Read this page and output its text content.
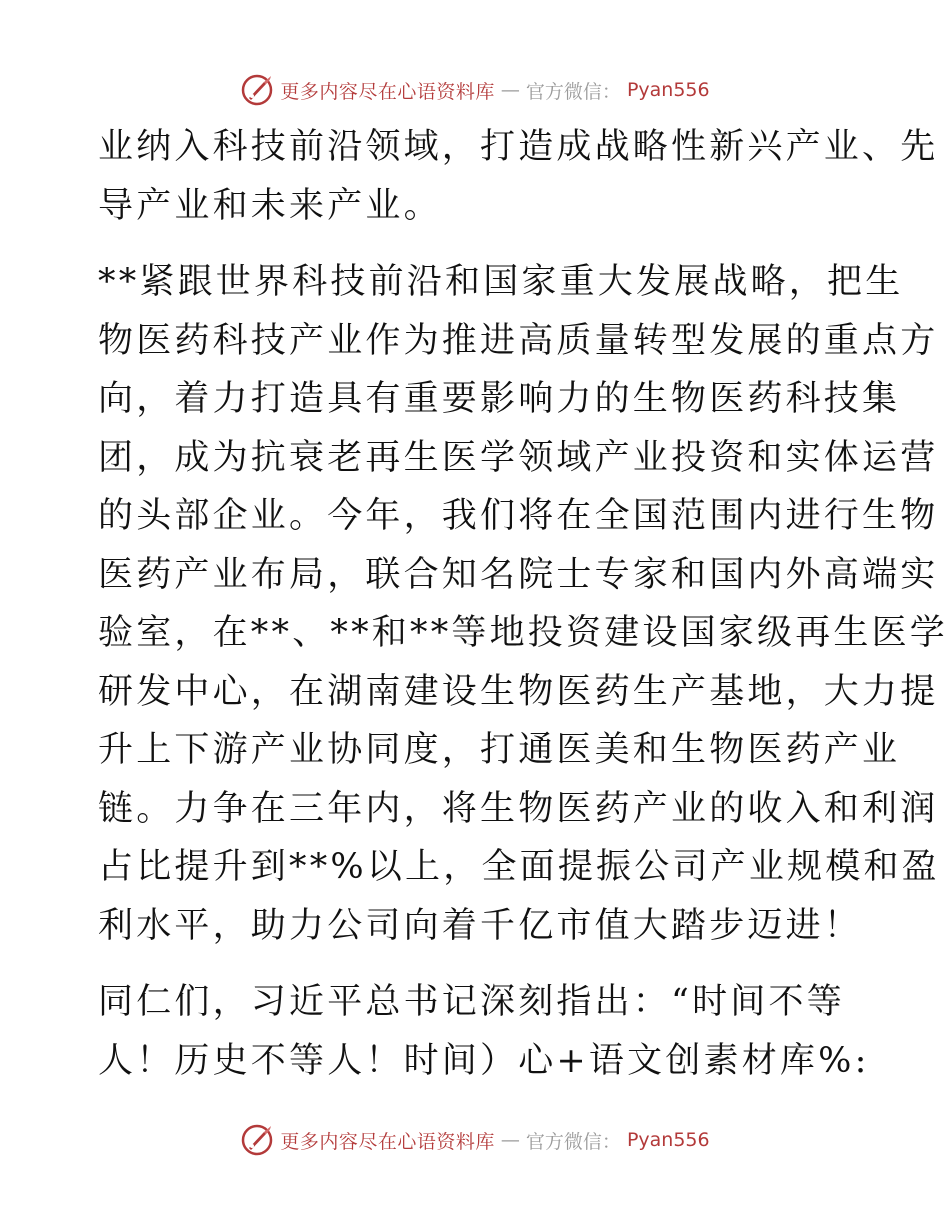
更多内容尽在心语资料库 — 官方微信： Pyan556
业纳入科技前沿领域，打造成战略性新兴产业、先
导产业和未来产业。
**紧跟世界科技前沿和国家重大发展战略，把生
物医药科技产业作为推进高质量转型发展的重点方
向，着力打造具有重要影响力的生物医药科技集
团，成为抗衰老再生医学领域产业投资和实体运营
的头部企业。今年，我们将在全国范围内进行生物
医药产业布局，联合知名院士专家和国内外高端实
验室，在**、**和**等地投资建设国家级再生医学
研发中心，在湖南建设生物医药生产基地，大力提
升上下游产业协同度，打通医美和生物医药产业
链。力争在三年内，将生物医药产业的收入和利润
占比提升到**%以上，全面提振公司产业规模和盈
利水平，助力公司向着千亿市值大踏步迈进！
同仁们，习近平总书记深刻指出：“时间不等
人！历史不等人！时间）心+语文创素材库%:
更多内容尽在心语资料库 — 官方微信： Pyan556
